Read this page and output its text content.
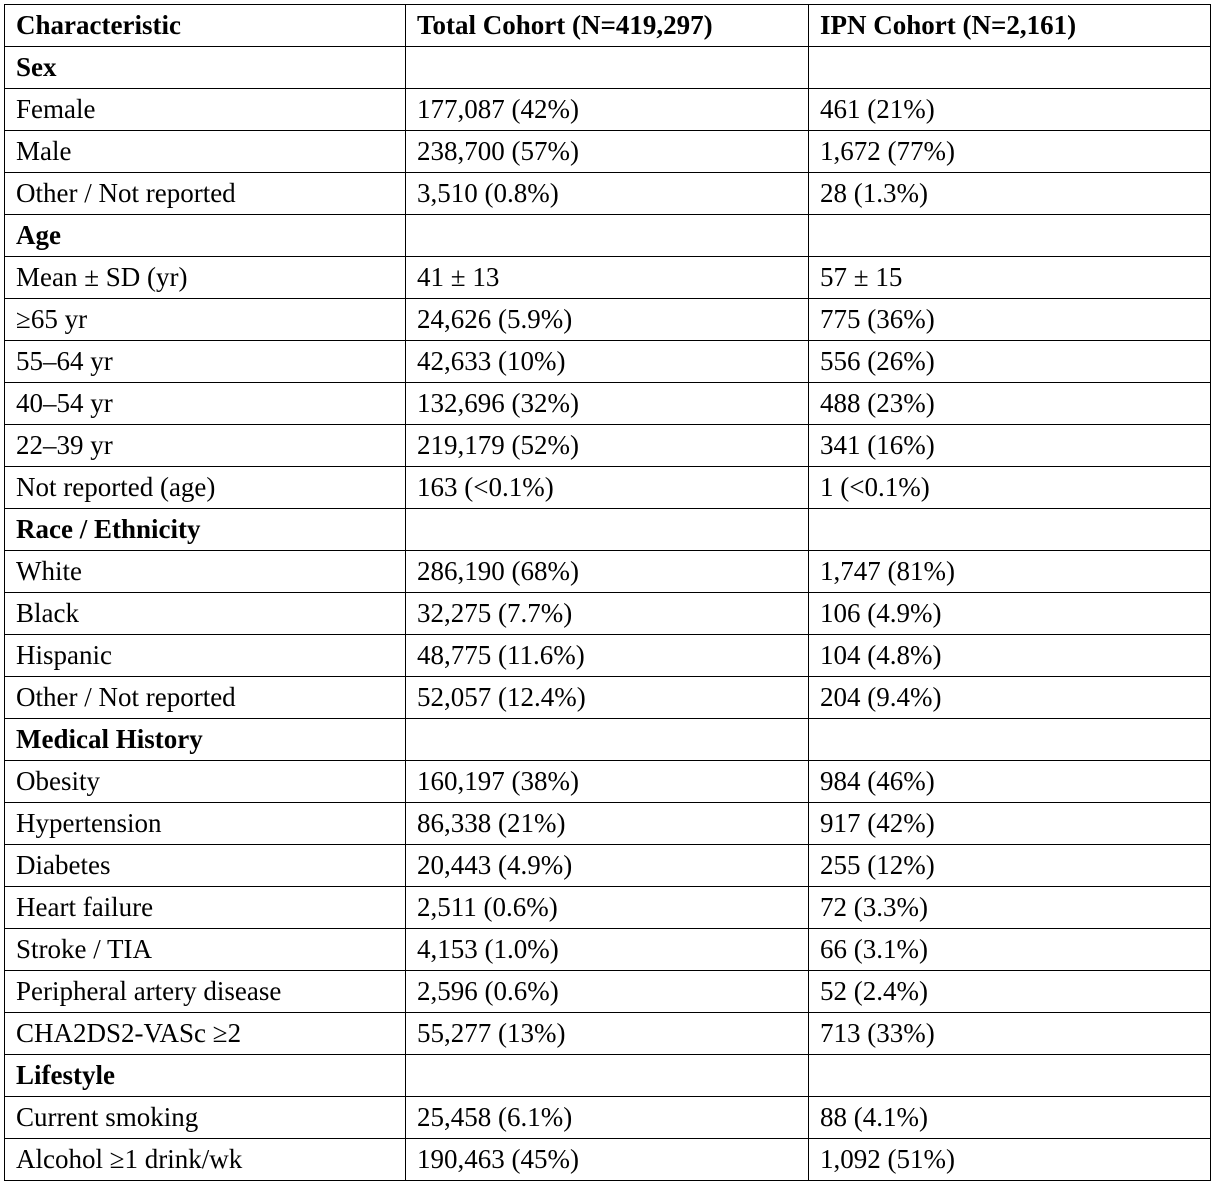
Characteristic	Total Cohort (N=419,297)	IPN Cohort (N=2,161)
Sex		
Female	177,087 (42%)	461 (21%)
Male	238,700 (57%)	1,672 (77%)
Other / Not reported	3,510 (0.8%)	28 (1.3%)
Age		
Mean ± SD (yr)	41 ± 13	57 ± 15
≥65 yr	24,626 (5.9%)	775 (36%)
55–64 yr	42,633 (10%)	556 (26%)
40–54 yr	132,696 (32%)	488 (23%)
22–39 yr	219,179 (52%)	341 (16%)
Not reported (age)	163 (<0.1%)	1 (<0.1%)
Race / Ethnicity		
White	286,190 (68%)	1,747 (81%)
Black	32,275 (7.7%)	106 (4.9%)
Hispanic	48,775 (11.6%)	104 (4.8%)
Other / Not reported	52,057 (12.4%)	204 (9.4%)
Medical History		
Obesity	160,197 (38%)	984 (46%)
Hypertension	86,338 (21%)	917 (42%)
Diabetes	20,443 (4.9%)	255 (12%)
Heart failure	2,511 (0.6%)	72 (3.3%)
Stroke / TIA	4,153 (1.0%)	66 (3.1%)
Peripheral artery disease	2,596 (0.6%)	52 (2.4%)
CHA2DS2-VASc ≥2	55,277 (13%)	713 (33%)
Lifestyle		
Current smoking	25,458 (6.1%)	88 (4.1%)
Alcohol ≥1 drink/wk	190,463 (45%)	1,092 (51%)
